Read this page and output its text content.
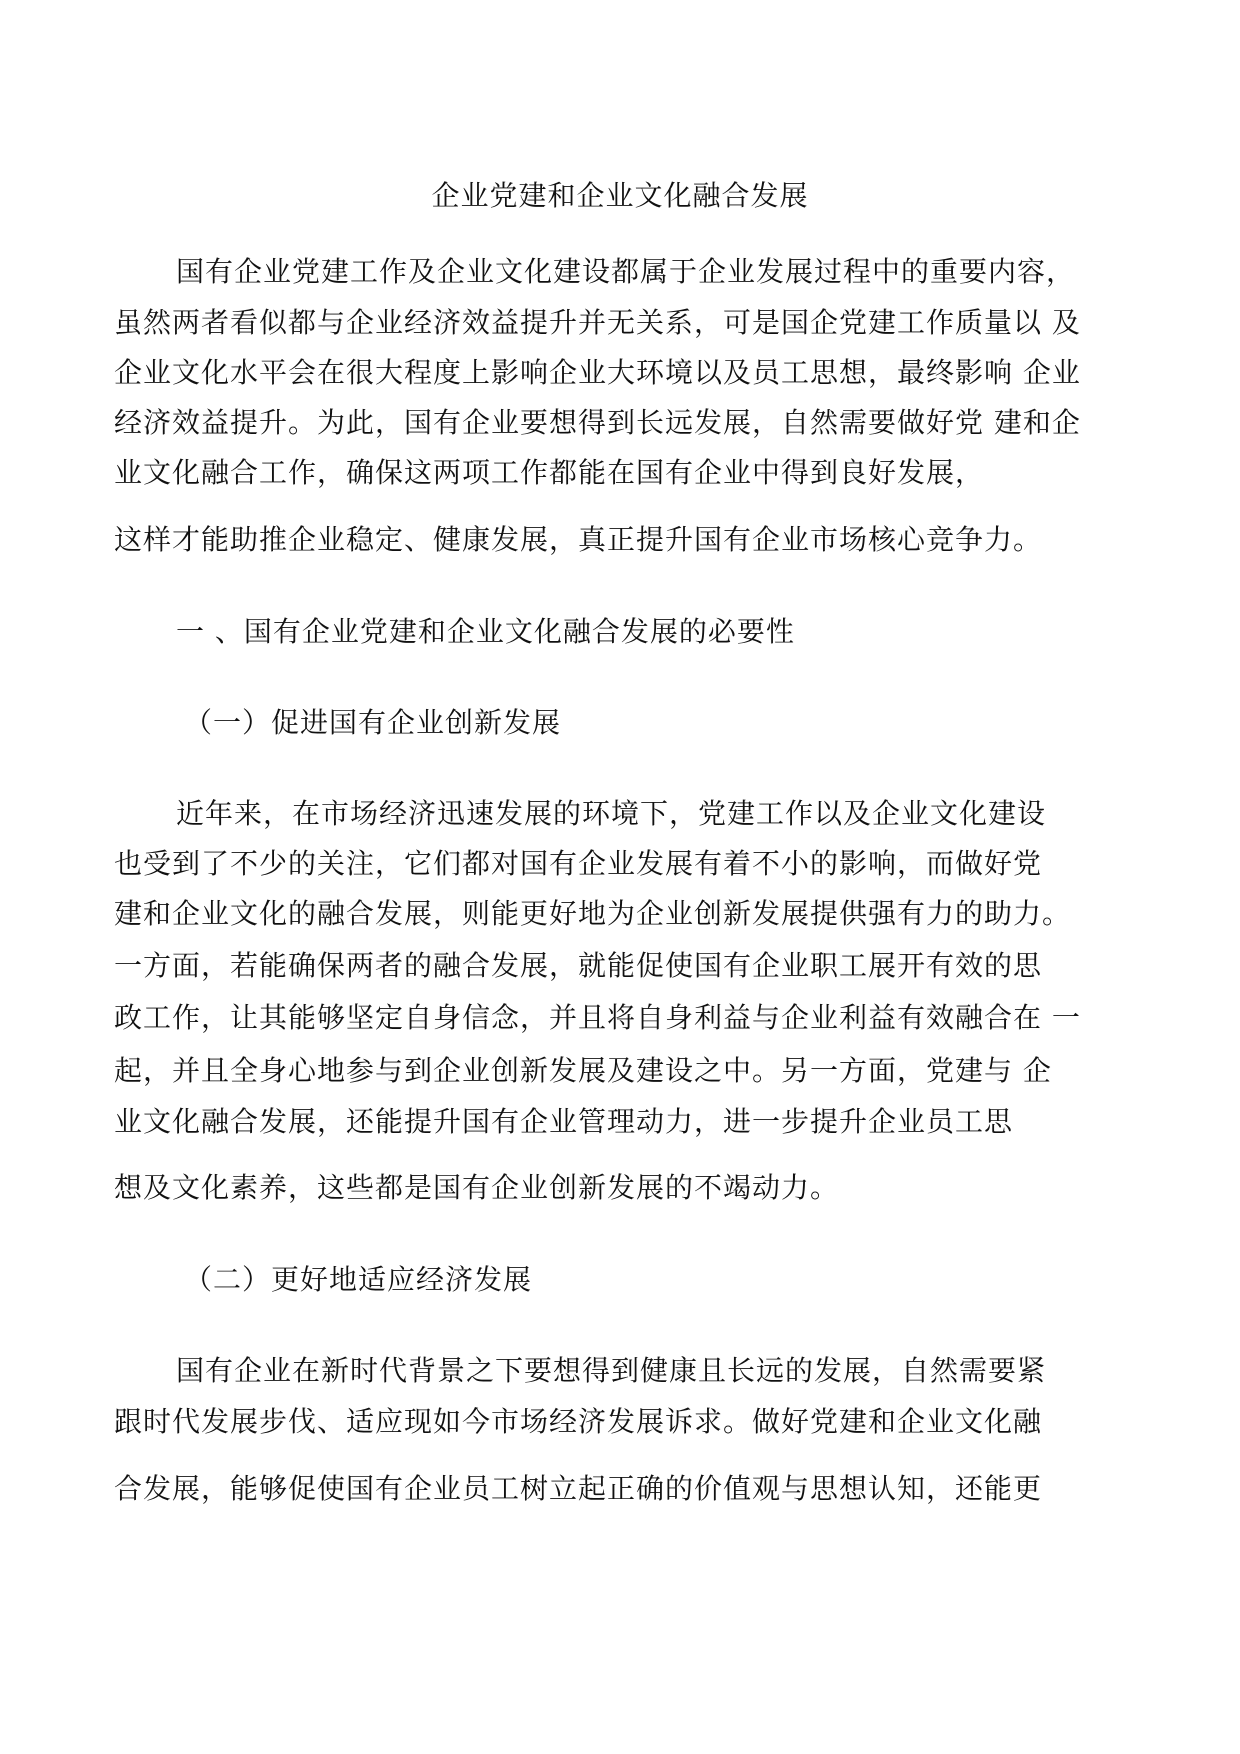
企业党建和企业文化融合发展
国有企业党建工作及企业文化建设都属于企业发展过程中的重要内容，
虽然两者看似都与企业经济效益提升并无关系，可是国企党建工作质量以 及
企业文化水平会在很大程度上影响企业大环境以及员工思想，最终影响 企业
经济效益提升。为此，国有企业要想得到长远发展，自然需要做好党 建和企
业文化融合工作，确保这两项工作都能在国有企业中得到良好发展，
这样才能助推企业稳定、健康发展，真正提升国有企业市场核心竞争力。
一 、国有企业党建和企业文化融合发展的必要性
（一）促进国有企业创新发展
近年来，在市场经济迅速发展的环境下，党建工作以及企业文化建设
也受到了不少的关注，它们都对国有企业发展有着不小的影响，而做好党
建和企业文化的融合发展，则能更好地为企业创新发展提供强有力的助力。
一方面，若能确保两者的融合发展，就能促使国有企业职工展开有效的思
政工作，让其能够坚定自身信念，并且将自身利益与企业利益有效融合在 一
起，并且全身心地参与到企业创新发展及建设之中。另一方面，党建与 企
业文化融合发展，还能提升国有企业管理动力，进一步提升企业员工思
想及文化素养，这些都是国有企业创新发展的不竭动力。
（二）更好地适应经济发展
国有企业在新时代背景之下要想得到健康且长远的发展，自然需要紧
跟时代发展步伐、适应现如今市场经济发展诉求。做好党建和企业文化融
合发展，能够促使国有企业员工树立起正确的价值观与思想认知，还能更
